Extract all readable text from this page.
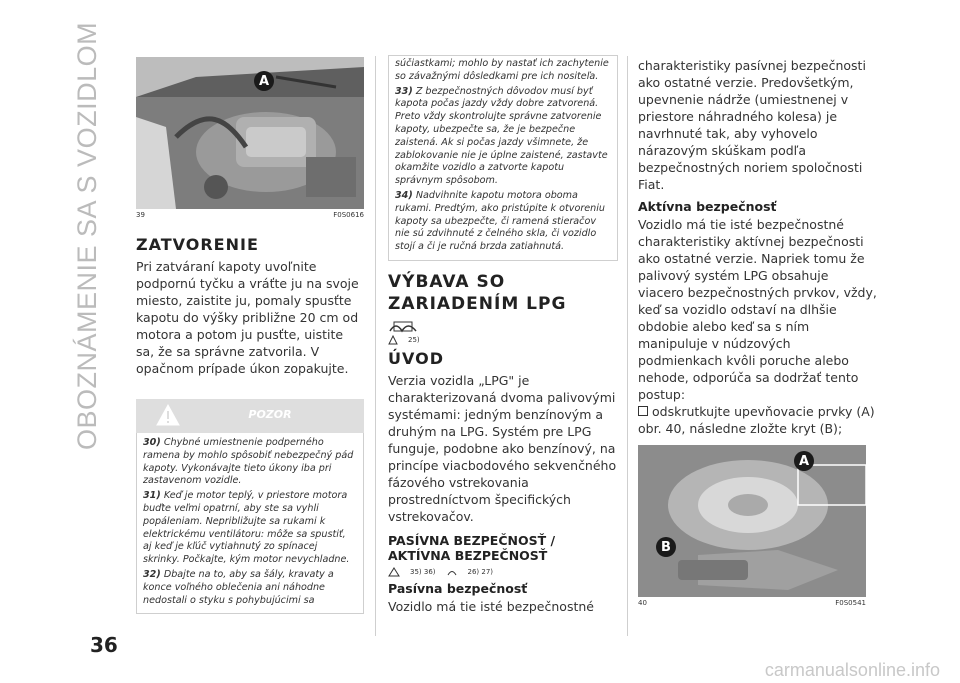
OBOZNÁMENIE SA S VOZIDLOM	A
39	F0S0616
ZATVORENIE

Pri zatváraní kapoty uvoľnite podpornú tyčku a vráťte ju na svoje miesto, zaistite ju, pomaly spusťte kapotu do výšky približne 20 cm od motora a potom ju pusťte, uistite sa, že sa správne zatvorila. V opačnom prípade úkon zopakujte.

POZOR

30) Chybné umiestnenie podperného ramena by mohlo spôsobiť nebezpečný pád kapoty. Vykonávajte tieto úkony iba pri zastavenom vozidle.

31) Keď je motor teplý, v priestore motora buďte veľmi opatrní, aby ste sa vyhli popáleniam. Nepribližujte sa rukami k elektrickému ventilátoru: môže sa spustiť, aj keď je kľúč vytiahnutý zo spínacej skrinky. Počkajte, kým motor nevychladne.

32) Dbajte na to, aby sa šály, kravaty a konce voľného oblečenia ani náhodne nedostali o styku s pohybujúcimi sa

súčiastkami; mohlo by nastať ich zachytenie so závažnými dôsledkami pre ich nositeľa.

33) Z bezpečnostných dôvodov musí byť kapota počas jazdy vždy dobre zatvorená. Preto vždy skontrolujte správne zatvorenie kapoty, ubezpečte sa, že je bezpečne zaistená. Ak si počas jazdy všimnete, že zablokovanie nie je úplne zaistené, zastavte okamžite vozidlo a zatvorte kapotu správnym spôsobom.

34) Nadvihnite kapotu motora oboma rukami. Predtým, ako pristúpite k otvoreniu kapoty sa ubezpečte, či ramená stieračov nie sú zdvihnuté z čelného skla, či vozidlo stojí a či je ručná brzda zatiahnutá.

VÝBAVA SO ZARIADENÍM LPG
25)
ÚVOD

Verzia vozidla „LPG" je charakterizovaná dvoma palivovými systémami: jedným benzínovým a druhým na LPG. Systém pre LPG funguje, podobne ako benzínový, na princípe viacbodového sekvenčného fázového vstrekovania prostredníctvom špecifických vstrekovačov.

PASÍVNA BEZPEČNOSŤ / AKTÍVNA BEZPEČNOSŤ
35) 36)	26) 27)
Pasívna bezpečnosť

Vozidlo má tie isté bezpečnostné

charakteristiky pasívnej bezpečnosti ako ostatné verzie. Predovšetkým, upevnenie nádrže (umiestnenej v priestore náhradného kolesa) je navrhnuté tak, aby vyhovelo nárazovým skúškam podľa bezpečnostných noriem spoločnosti Fiat.

Aktívna bezpečnosť

Vozidlo má tie isté bezpečnostné charakteristiky aktívnej bezpečnosti ako ostatné verzie. Napriek tomu že palivový systém LPG obsahuje viacero bezpečnostných prvkov, vždy, keď sa vozidlo odstaví na dlhšie obdobie alebo keď sa s ním manipuluje v núdzových podmienkach kvôli poruche alebo nehode, odporúča sa dodržať tento postup:

odskrutkujte upevňovacie prvky (A) obr. 40, následne zložte kryt (B);

A
B
40	F0S0541
36
carmanualsonline.info
